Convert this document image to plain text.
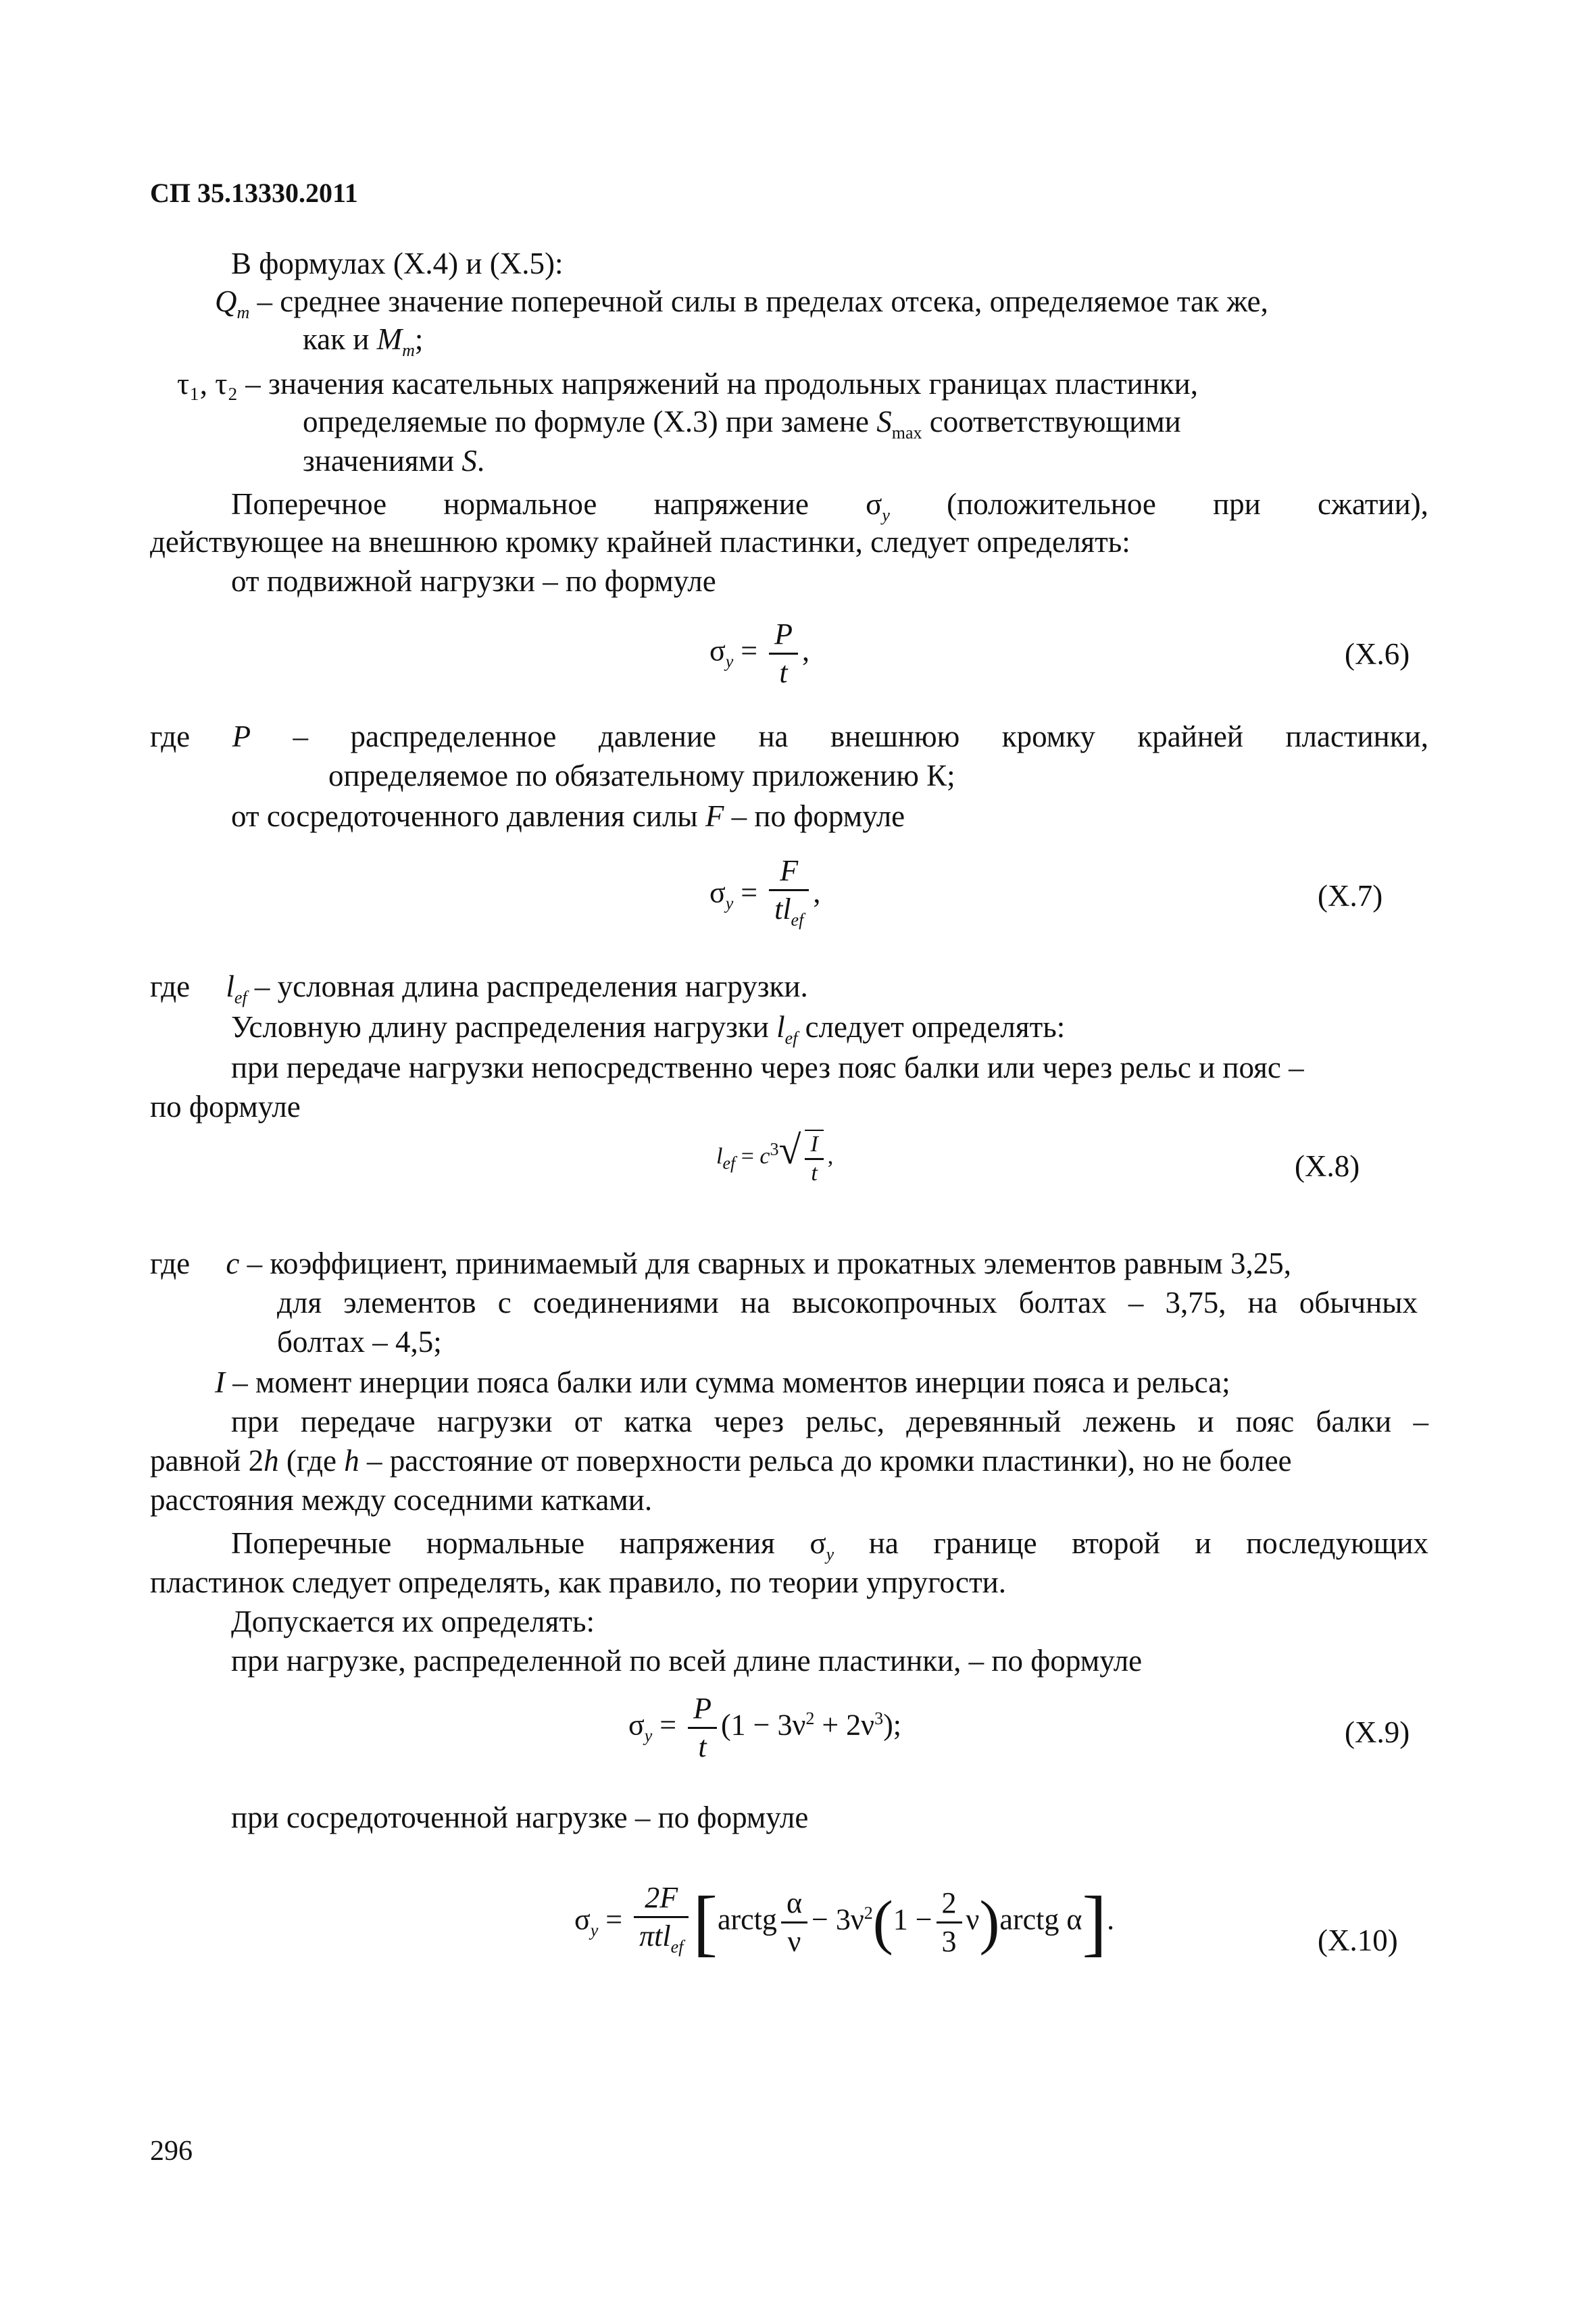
СП 35.13330.2011
В формулах (Х.4) и (Х.5):
$Q_m$ – среднее значение поперечной силы в пределах отсека, определяемое так же,
как и $M_m$;
τ₁, τ₂ – значения касательных напряжений на продольных границах пластинки,
определяемые по формуле (Х.3) при замене $S_{max}$ соответствующими
значениями S.
Поперечное нормальное напряжение $\sigma_y$ (положительное при сжатии),
действующее на внешнюю кромку крайней пластинки, следует определять:
от подвижной нагрузки – по формуле
$\sigma_y = \frac{P}{t}$ ,	(Х.6)
где P – распределенное давление на внешнюю кромку крайней пластинки,
определяемое по обязательному приложению К;
от сосредоточенного давления силы F – по формуле
$\sigma_y = \frac{F}{tl_{ef}}$ ,	(Х.7)
где $l_{ef}$ – условная длина распределения нагрузки.
Условную длину распределения нагрузки $l_{ef}$ следует определять:
при передаче нагрузки непосредственно через пояс балки или через рельс и пояс –
по формуле
$l_{ef} = c^3√ \frac{I}{t}$ ,	(Х.8)
где c – коэффициент, принимаемый для сварных и прокатных элементов равным 3,25,
для элементов с соединениями на высокопрочных болтах – 3,75, на обычных
болтах – 4,5;
I – момент инерции пояса балки или сумма моментов инерции пояса и рельса;
при передаче нагрузки от катка через рельс, деревянный лежень и пояс балки –
равной 2h (где h – расстояние от поверхности рельса до кромки пластинки), но не более
расстояния между соседними катками.
Поперечные нормальные напряжения $\sigma_y$ на границе второй и последующих
пластинок следует определять, как правило, по теории упругости.
Допускается их определять:
при нагрузке, распределенной по всей длине пластинки, – по формуле
$\sigma_y = \frac{P}{t} (1 - 3\nu^2 + 2\nu^3)$;	(Х.9)
при сосредоточенной нагрузке – по формуле
$\sigma_y = \frac{2F}{\pi tl_{ef}}$ [arctg $\frac{\alpha}{\nu} - 3\nu^2(1 - \frac{2}{3}$ ν)arctg α].
(Х.10)
296
